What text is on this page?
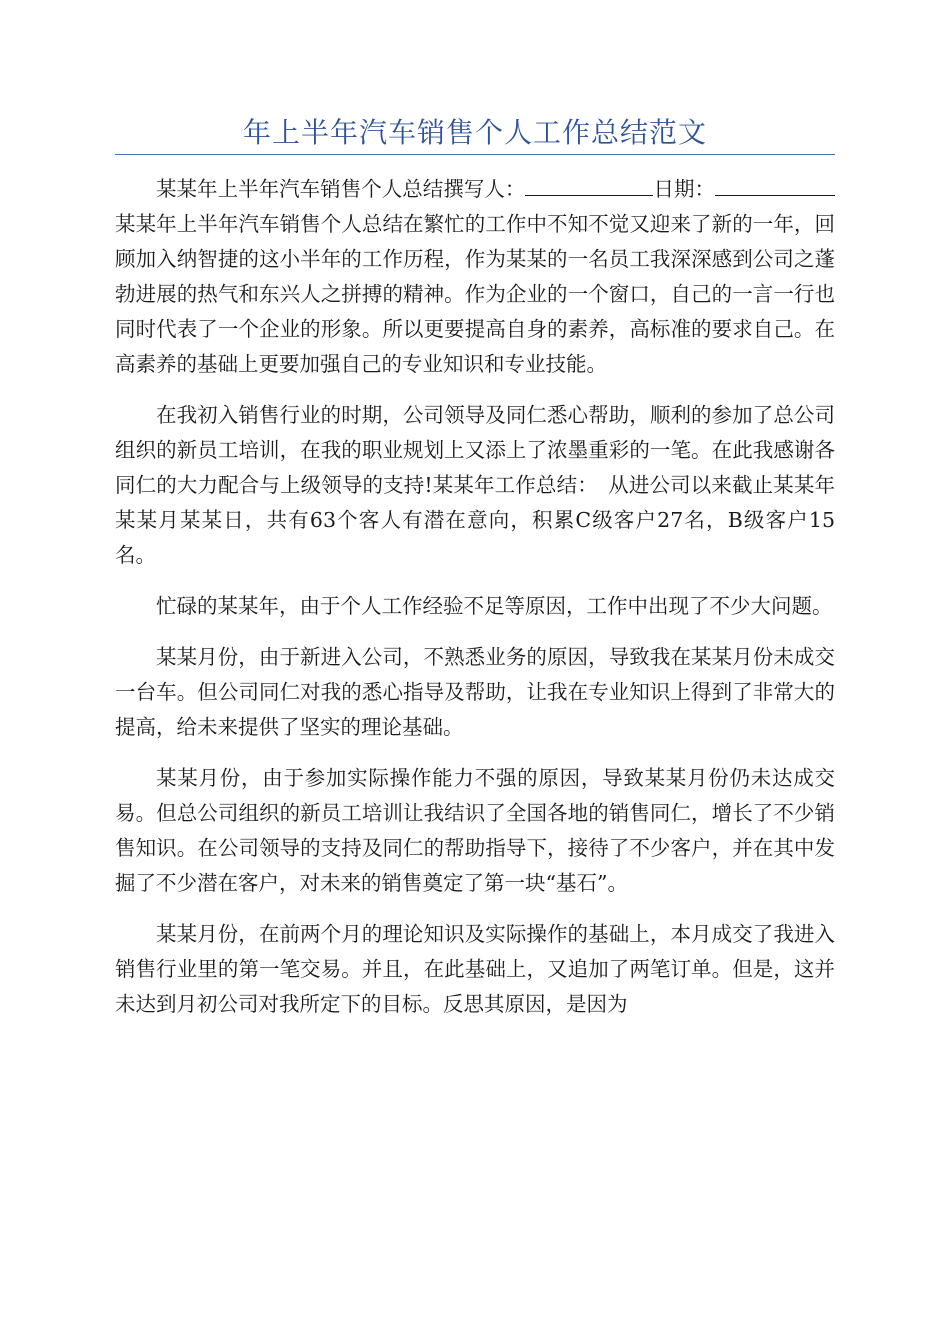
年上半年汽车销售个人工作总结范文

某某年上半年汽车销售个人总结撰写人：	日期：某某年上半年汽车销售个人总结在繁忙的工作中不知不觉又迎来了新的一年，回顾加入纳智捷的这小半年的工作历程，作为某某的一名员工我深深感到公司之蓬勃进展的热气和东兴人之拼搏的精神。作为企业的一个窗口，自己的一言一行也同时代表了一个企业的形象。所以更要提高自身的素养，高标准的要求自己。在高素养的基础上更要加强自己的专业知识和专业技能。

在我初入销售行业的时期，公司领导及同仁悉心帮助，顺利的参加了总公司组织的新员工培训，在我的职业规划上又添上了浓墨重彩的一笔。在此我感谢各同仁的大力配合与上级领导的支持!某某年工作总结：　从进公司以来截止某某年某某月某某日，共有63个客人有潜在意向，积累C级客户27名，B级客户15名。

忙碌的某某年，由于个人工作经验不足等原因，工作中出现了不少大问题。

某某月份，由于新进入公司，不熟悉业务的原因，导致我在某某月份未成交一台车。但公司同仁对我的悉心指导及帮助，让我在专业知识上得到了非常大的提高，给未来提供了坚实的理论基础。

某某月份，由于参加实际操作能力不强的原因，导致某某月份仍未达成交易。但总公司组织的新员工培训让我结识了全国各地的销售同仁，增长了不少销售知识。在公司领导的支持及同仁的帮助指导下，接待了不少客户，并在其中发掘了不少潜在客户，对未来的销售奠定了第一块“基石”。

某某月份，在前两个月的理论知识及实际操作的基础上，本月成交了我进入销售行业里的第一笔交易。并且，在此基础上，又追加了两笔订单。但是，这并未达到月初公司对我所定下的目标。反思其原因，是因为
